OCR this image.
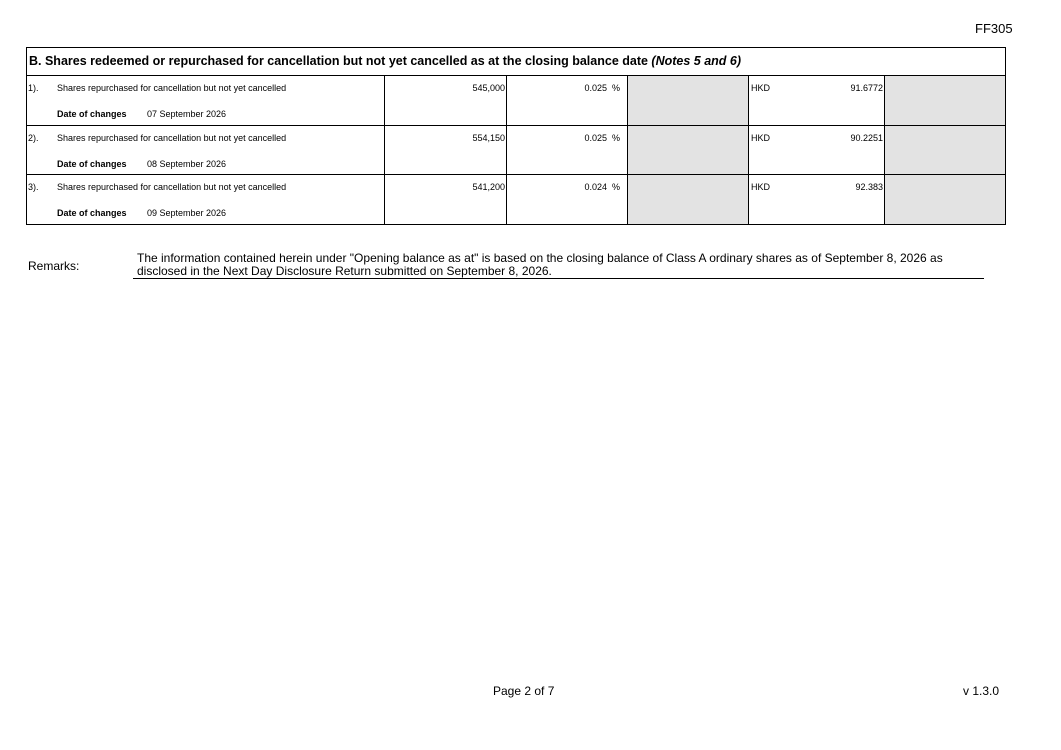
FF305
B. Shares redeemed or repurchased for cancellation but not yet cancelled as at the closing balance date (Notes 5 and 6)
1). Shares repurchased for cancellation but not yet cancelled
Date of changes 07 September 2026
545,000	0.025 %	HKD	91.6772
2). Shares repurchased for cancellation but not yet cancelled
Date of changes 08 September 2026
554,150	0.025 %	HKD	90.2251
3). Shares repurchased for cancellation but not yet cancelled
Date of changes 09 September 2026
541,200	0.024 %	HKD	92.383
Remarks:
The information contained herein under "Opening balance as at" is based on the closing balance of Class A ordinary shares as of September 8, 2026 as disclosed in the Next Day Disclosure Return submitted on September 8, 2026.
Page 2 of 7	v 1.3.0
